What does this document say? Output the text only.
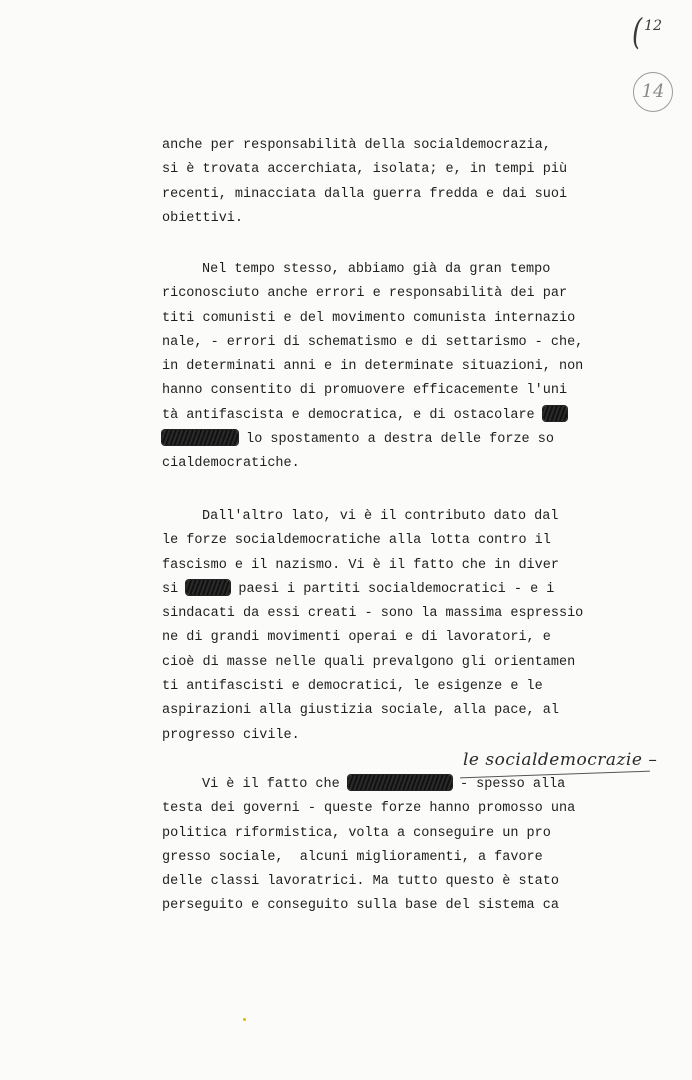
( $^{12}$
14
anche per responsabilità della socialdemocrazia,
si è trovata accerchiata, isolata; e, in tempi più
recenti, minacciata dalla guerra fredda e dai suoi
obiettivi.
Nel tempo stesso, abbiamo già da gran tempo
riconosciuto anche errori e responsabilità dei par
titi comunisti e del movimento comunista internazio
nale, - errori di schematismo e di settarismo - che,
in determinati anni e in determinate situazioni, non
hanno consentito di promuovere efficacemente l'uni
tà antifascista e democratica, e di ostacolare
lo spostamento a destra delle forze so
cialdemocratiche.
Dall'altro lato, vi è il contributo dato dal
le forze socialdemocratiche alla lotta contro il
fascismo e il nazismo. Vi è il fatto che in diver
si	paesi i partiti socialdemocratici - e i
sindacati da essi creati - sono la massima espressio
ne di grandi movimenti operai e di lavoratori, e
cioè di masse nelle quali prevalgono gli orientamen
ti antifascisti e democratici, le esigenze e le
aspirazioni alla giustizia sociale, alla pace, al
progresso civile.
Vi è il fatto che	- spesso alla
testa dei governi - queste forze hanno promosso una
politica riformistica, volta a conseguire un pro
gresso sociale,  alcuni miglioramenti, a favore
delle classi lavoratrici. Ma tutto questo è stato
perseguito e conseguito sulla base del sistema ca
le socialdemocrazie –
